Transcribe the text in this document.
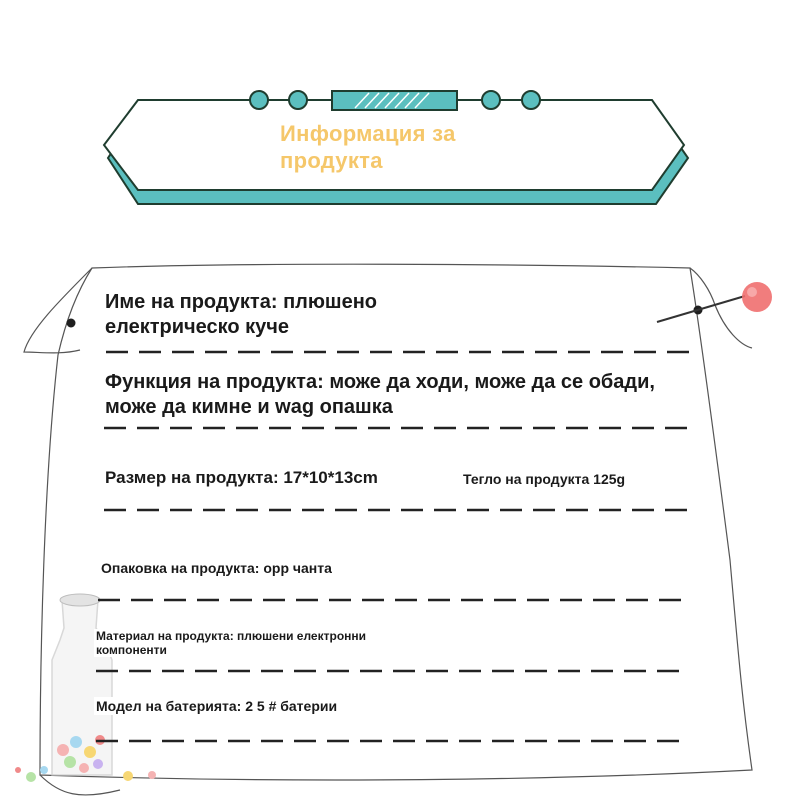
Информация за продукта
Име на продукта: плюшено електрическо куче
Функция на продукта: може да ходи, може да се обади, може да кимне и wag опашка
Размер на продукта: 17*10*13cm	Тегло на продукта 125g
Опаковка на продукта: opp чанта
Материал на продукта: плюшени електронни компоненти
Модел на батерията: 2 5 # батерии
